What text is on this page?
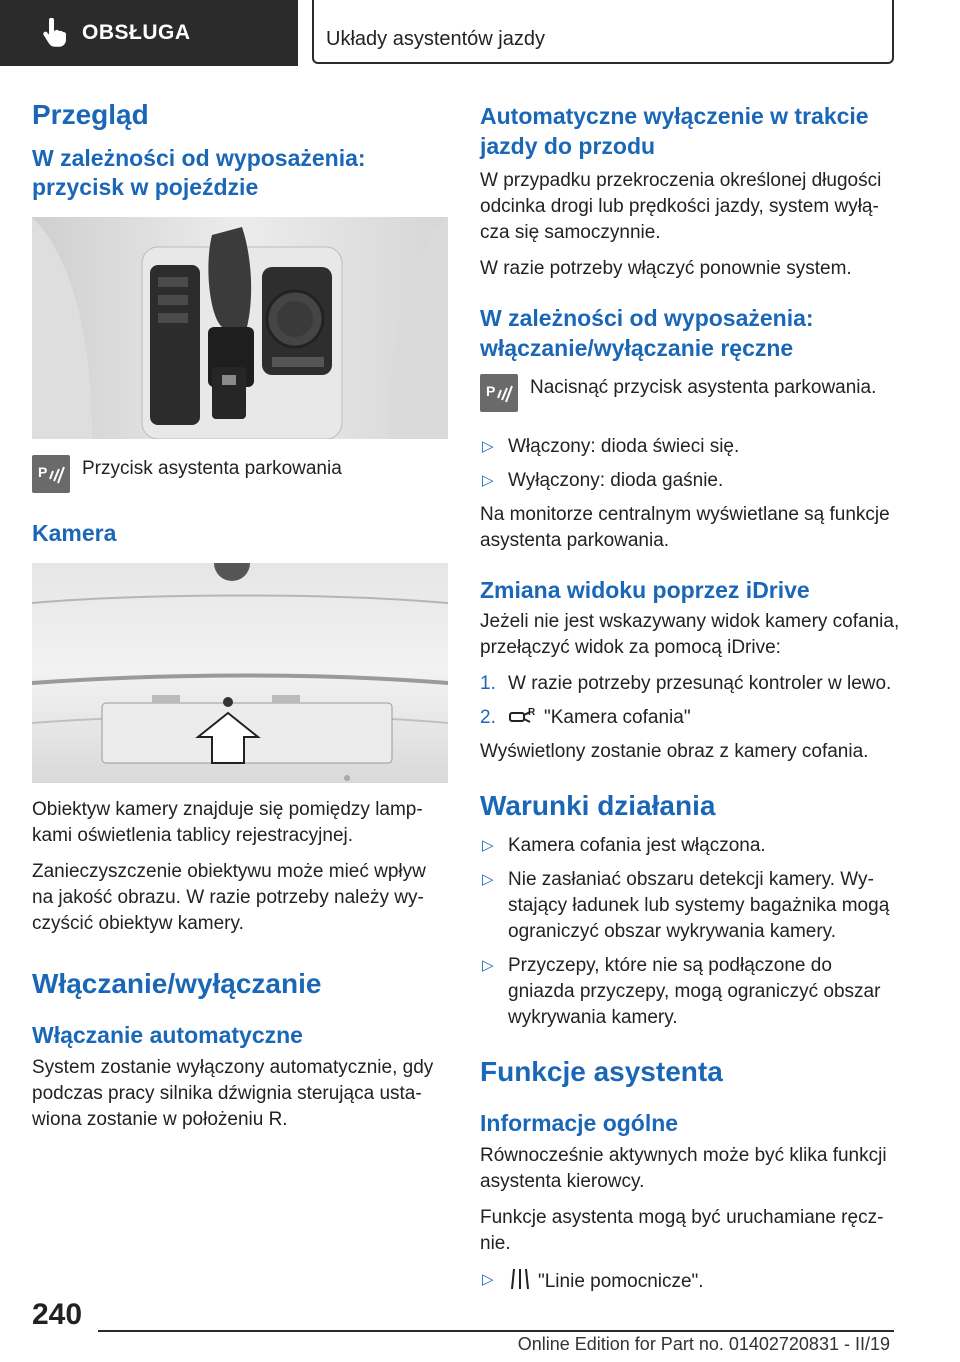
OBSŁUGA	Układy asystentów jazdy
Przegląd
W zależności od wyposażenia: przycisk w pojeździe
P Przycisk asystenta parkowania
Kamera

Obiektyw kamery znajduje się pomiędzy lampkami oświetlenia tablicy rejestracyjnej.

Zanieczyszczenie obiektywu może mieć wpływ na jakość obrazu. W razie potrzeby należy wyczyścić obiektyw kamery.

Włączanie/wyłączanie
Włączanie automatyczne

System zostanie wyłączony automatycznie, gdy podczas pracy silnika dźwignia sterująca ustawiona zostanie w położeniu R.

Automatyczne wyłączenie w trakcie jazdy do przodu

W przypadku przekroczenia określonej długości odcinka drogi lub prędkości jazdy, system wyłącza się samoczynnie.

W razie potrzeby włączyć ponownie system.

W zależności od wyposażenia: włączanie/wyłączanie ręczne
P Nacisnąć przycisk asystenta parkowania.
▷ Włączony: dioda świeci się.
▷ Wyłączony: dioda gaśnie.

Na monitorze centralnym wyświetlane są funkcje asystenta parkowania.

Zmiana widoku poprzez iDrive

Jeżeli nie jest wskazywany widok kamery cofania, przełączyć widok za pomocą iDrive:

1. W razie potrzeby przesunąć kontroler w lewo.
2.	R "Kamera cofania"

Wyświetlony zostanie obraz z kamery cofania.

Warunki działania
▷ Kamera cofania jest włączona.
▷ Nie zasłaniać obszaru detekcji kamery. Wystający ładunek lub systemy bagażnika mogą ograniczyć obszar wykrywania kamery.
▷ Przyczepy, które nie są podłączone do gniazda przyczepy, mogą ograniczyć obszar wykrywania kamery.
Funkcje asystenta
Informacje ogólne

Równocześnie aktywnych może być klika funkcji asystenta kierowcy.

Funkcje asystenta mogą być uruchamiane ręcznie.

▷ "Linie pomocnicze".
240
Online Edition for Part no. 01402720831 - II/19
